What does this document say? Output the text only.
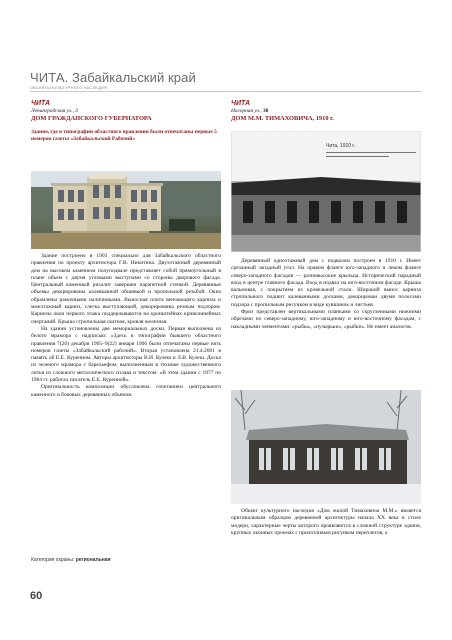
ЧИТА. Забайкальский край
ОБЪЕКТЫ КУЛЬТУРНОГО НАСЛЕДИЯ
ЧИТА
Ленинградская ул., 3
ДОМ ГРАЖДАНСКОГО ГУБЕРНАТОРА
Здание, где в типографии областного правления были отпечатаны первые 5 номеров газеты «Забайкальский Рабочий»
ЧИТА
Нагорная ул., 38
ДОМ М.М. ТИМАХОВИЧА, 1910 г.
Чита, 1910 г.

Здание построено в 1903 специально для Забайкальского областного правления по проекту архитектора Г.В. Никитина. Двухэтажный деревянный дом на высоком каменном полуподвале представляет собой прямоугольный в плане объем с двумя угловыми выступами со стороны дворового фасада. Центральный каменный ризалит завершен парапетной стенкой. Деревянные объемы декорированы калевканной обшивкой и пропильной резьбой. Окна обрамлены рамочными наличниками. Выносная плита венчающего карниза и межэтажный карниз, слегка выступающий, декорированы резным подзором. Карнизы окон первого этажа поддерживаются на кронштейнах криволинейных очертаний. Крыша стропильная скатная, кровля железная.

На здании установлены две мемориальных доски. Первая выполнена из белого мрамора с надписью: «Здесь в типографии бывшего областного правления 7(20) декабря 1905–9(22) января 1906 были отпечатаны первые пять номеров газеты «Забайкальский рабочий». Вторая установлена 21.4.2001 в память об Е.Е. Куренном. Авторы архитекторы В.И. Кулеш и Л.В. Кулеш. Доска из зеленого мрамора с барельефом, выполненным в технике художественного литья из сложного металлического сплава и текстом: «В этом здании с 1977 по 1984 гг. работал писатель Е.Е. Куренной».

Оригинальность композиции обусловлена сочетанием центрального каменного и боковых деревянных объемов.

Деревянный одноэтажный дом с подвалом построен в 1910 г. Имеет срезанный западный угол. На правом фланге юго-западного и левом фланге северо-западного фасадов — разновысокие крыльца. Исторический парадный вход в центре главного фасада. Вход в подвал на юго-восточном фасаде. Крыша вальмовая, с покрытием из кровельной стали. Широкий вынос карниза стропильного подшит калеванными досками, декорирован двумя полосами подзора с пропильным рисунком в виде кувшинок и листьев.

Фриз представлен вертикальными планками со скругленными нижними обрезами по северо-западному, юго-западному и юго-восточному фасадам, с накладными элементами: «рыбы», «пузырьки», «рыбки». Не имеет аналогов.

Объект культурного наследия «Дом жилой Тимаховича М.М.» является оригинальным образцом деревянной архитектуры начала XX века в стиле модерн, характерные черты которого проявляются в сложной структуре здания, крупных оконных проемах с прихотливым рисунком переплетов, а

Категория охраны: региональная
60
